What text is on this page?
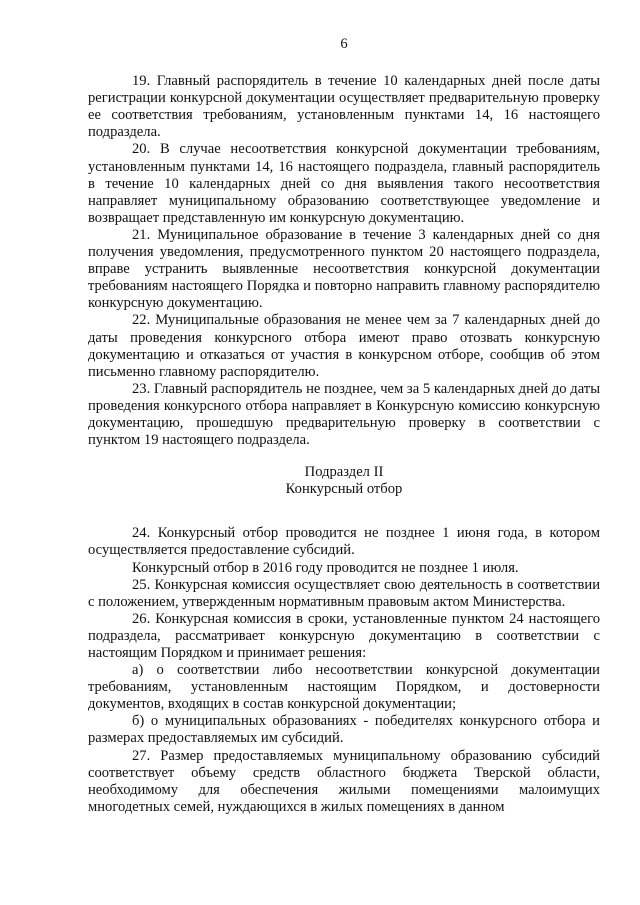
6

19. Главный распорядитель в течение 10 календарных дней после даты регистрации конкурсной документации осуществляет предварительную проверку ее соответствия требованиям, установленным пунктами 14, 16 настоящего подраздела.

20. В случае несоответствия конкурсной документации требованиям, установленным пунктами 14, 16 настоящего подраздела, главный распорядитель в течение 10 календарных дней со дня выявления такого несоответствия направляет муниципальному образованию соответствующее уведомление и возвращает представленную им конкурсную документацию.

21. Муниципальное образование в течение 3 календарных дней со дня получения уведомления, предусмотренного пунктом 20 настоящего подраздела, вправе устранить выявленные несоответствия конкурсной документации требованиям настоящего Порядка и повторно направить главному распорядителю конкурсную документацию.

22. Муниципальные образования не менее чем за 7 календарных дней до даты проведения конкурсного отбора имеют право отозвать конкурсную документацию и отказаться от участия в конкурсном отборе, сообщив об этом письменно главному распорядителю.

23. Главный распорядитель не позднее, чем за 5 календарных дней до даты проведения конкурсного отбора направляет в Конкурсную комиссию конкурсную документацию, прошедшую предварительную проверку в соответствии с пунктом 19 настоящего подраздела.

Подраздел II

Конкурсный отбор

24. Конкурсный отбор проводится не позднее 1 июня года, в котором осуществляется предоставление субсидий.

Конкурсный отбор в 2016 году проводится не позднее 1 июля.

25. Конкурсная комиссия осуществляет свою деятельность в соответствии с положением, утвержденным нормативным правовым актом Министерства.

26. Конкурсная комиссия в сроки, установленные пунктом 24 настоящего подраздела, рассматривает конкурсную документацию в соответствии с настоящим Порядком и принимает решения:

а) о соответствии либо несоответствии конкурсной документации требованиям, установленным настоящим Порядком, и достоверности документов, входящих в состав конкурсной документации;

б) о муниципальных образованиях - победителях конкурсного отбора и размерах предоставляемых им субсидий.

27. Размер предоставляемых муниципальному образованию субсидий соответствует объему средств областного бюджета Тверской области, необходимому для обеспечения жилыми помещениями малоимущих многодетных семей, нуждающихся в жилых помещениях в данном
